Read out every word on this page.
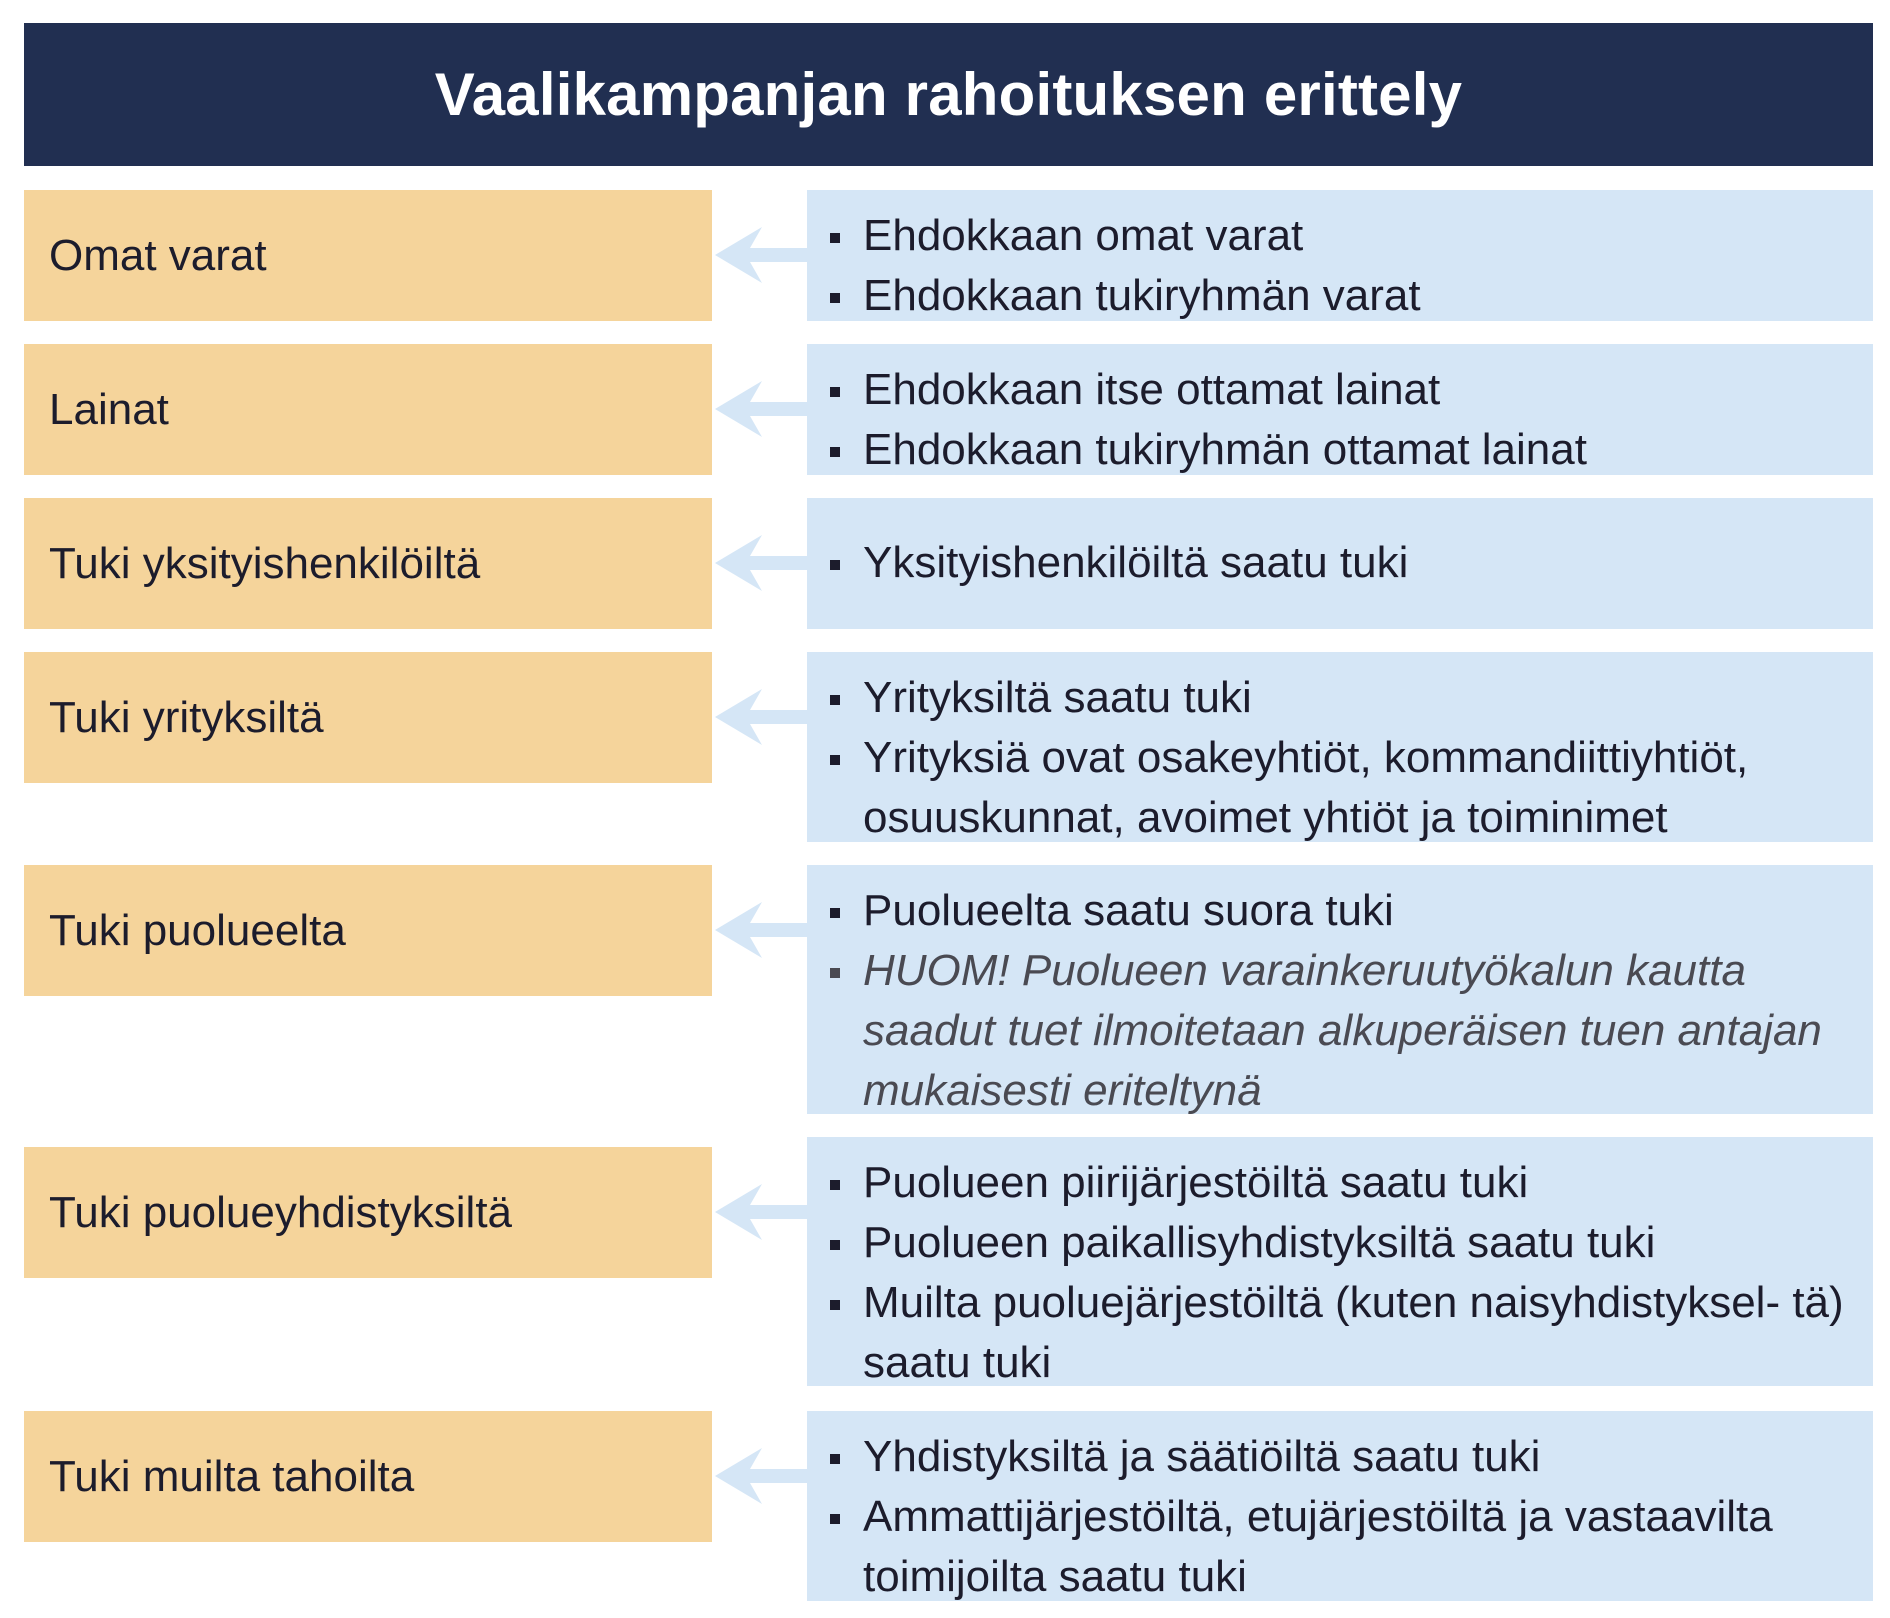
Vaalikampanjan rahoituksen erittely
Omat varat	Ehdokkaan omat varat
Ehdokkaan tukiryhmän varat
Lainat	Ehdokkaan itse ottamat lainat
Ehdokkaan tukiryhmän ottamat lainat
Tuki yksityishenkilöiltä	Yksityishenkilöiltä saatu tuki
Tuki yrityksiltä	Yrityksiltä saatu tuki
Yrityksiä ovat osakeyhtiöt, kommandiittiyhtiöt, osuuskunnat, avoimet yhtiöt ja toiminimet
Tuki puolueelta	Puolueelta saatu suora tuki
HUOM! Puolueen varainkeruutyökalun kautta saadut tuet ilmoitetaan alkuperäisen tuen antajan mukaisesti eriteltynä
Tuki puolueyhdistyksiltä
Puolueen piirijärjestöiltä saatu tuki
Puolueen paikallisyhdistyksiltä saatu tuki
Muilta puoluejärjestöiltä (kuten naisyhdistyksel- tä) saatu tuki
Tuki muilta tahoilta	Yhdistyksiltä ja säätiöiltä saatu tuki
Ammattijärjestöiltä, etujärjestöiltä ja vastaavilta toimijoilta saatu tuki
